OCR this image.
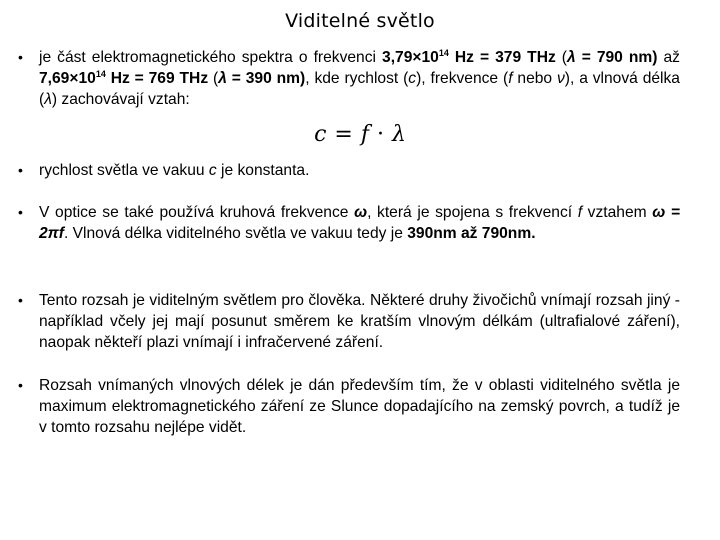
Viditelné světlo
•	je část elektromagnetického spektra o frekvenci $3,79\times 10^{14}$ Hz = 379 THz (λ = 790 nm) až $7,69\times 10^{14}$ Hz = 769 THz (λ = 390 nm), kde rychlost (c), frekvence (f nebo ν), a vlnová délka (λ) zachovávají vztah:
c = f · λ
•	rychlost světla ve vakuu c je konstanta.
•	V optice se také používá kruhová frekvence ω, která je spojena s frekvencí f vztahem ω = 2πf. Vlnová délka viditelného světla ve vakuu tedy je 390nm až 790nm.
•	Tento rozsah je viditelným světlem pro člověka. Některé druhy živočichů vnímají rozsah jiný - například včely jej mají posunut směrem ke kratším vlnovým délkám (ultrafialové záření), naopak někteří plazi vnímají i infračervené záření.
•	Rozsah vnímaných vlnových délek je dán především tím, že v oblasti viditelného světla je maximum elektromagnetického záření ze Slunce dopadajícího na zemský povrch, a tudíž je v tomto rozsahu nejlépe vidět.
